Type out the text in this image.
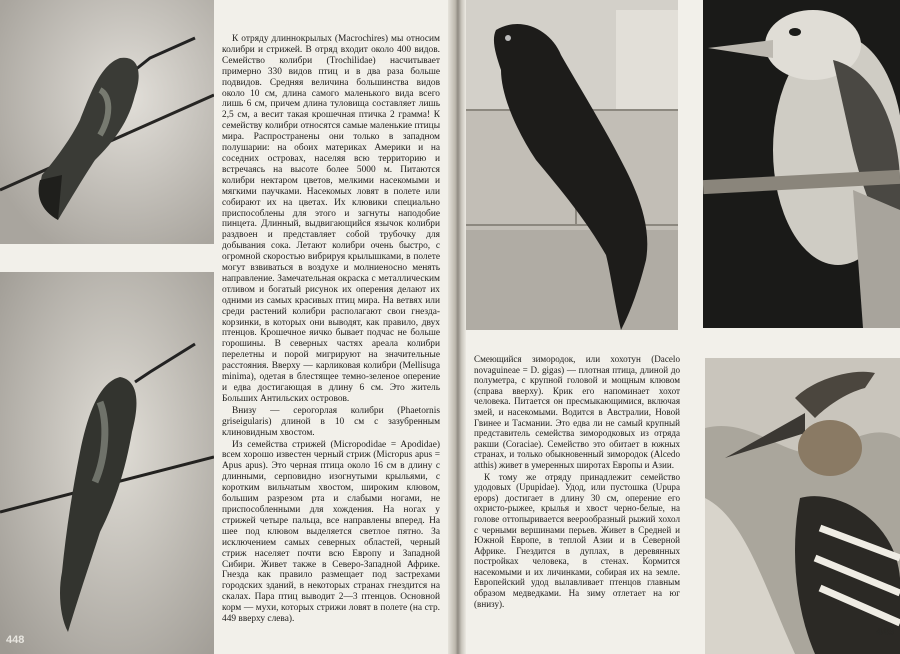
К отряду длиннокрылых (Macrochires) мы относим колибри и стрижей. В отряд входит около 400 видов. Семейство колибри (Trochilidae) насчитывает примерно 330 видов птиц и в два раза больше подвидов. Средняя величина большинства видов около 10 см, длина самого маленького вида всего лишь 6 см, причем длина туловища составляет лишь 2,5 см, а весит такая крошечная птичка 2 грамма! К семейству колибри относятся самые маленькие птицы мира. Распространены они только в западном полушарии: на обоих материках Америки и на соседних островах, населяя всю территорию и встречаясь на высоте более 5000 м. Питаются колибри нектаром цветов, мелкими насекомыми и мягкими паучками. Насекомых ловят в полете или собирают их на цветах. Их клювики специально приспособлены для этого и загнуты наподобие пинцета. Длинный, выдвигающийся язычок колибри раздвоен и представляет собой трубочку для добывания сока. Летают колибри очень быстро, с огромной скоростью вибрируя крылышками, в полете могут взвиваться в воздухе и молниеносно менять направление. Замечательная окраска с металлическим отливом и богатый рисунок их оперения делают их одними из самых красивых птиц мира. На ветвях или среди растений колибри располагают свои гнезда-корзинки, в которых они выводят, как правило, двух птенцов. Крошечное яичко бывает подчас не больше горошины. В северных частях ареала колибри перелетны и порой мигрируют на значительные расстояния. Вверху — карликовая колибри (Mellisuga minima), одетая в блестящее темно-зеленое оперение и едва достигающая в длину 6 см. Это житель Больших Антильских островов.

Внизу — серогорлая колибри (Phaetornis griseigularis) длиной в 10 см с зазубренным клиновидным хвостом.

Из семейства стрижей (Micropodidae = Apodidae) всем хорошо известен черный стриж (Micropus apus = Apus apus). Это черная птица около 16 см в длину с длинными, серповидно изогнутыми крыльями, с коротким вильчатым хвостом, широким клювом, большим разрезом рта и слабыми ногами, не приспособленными для хождения. На ногах у стрижей четыре пальца, все направлены вперед. На шее под клювом выделяется светлое пятно. За исключением самых северных областей, черный стриж населяет почти всю Европу и Западной Сибири. Живет также в Северо-Западной Африке. Гнезда как правило размещает под застрехами городских зданий, в некоторых странах гнездится на скалах. Пара птиц выводит 2—3 птенцов. Основной корм — мухи, которых стрижи ловят в полете (на стр. 449 вверху слева).

448

Смеющийся зимородок, или хохотун (Dacelo novaguineae = D. gigas) — плотная птица, длиной до полуметра, с крупной головой и мощным клювом (справа вверху). Крик его напоминает хохот человека. Питается он пресмыкающимися, включая змей, и насекомыми. Водится в Австралии, Новой Гвинее и Тасмании. Это едва ли не самый крупный представитель семейства зимородковых из отряда ракши (Coraciae). Семейство это обитает в южных странах, и только обыкновенный зимородок (Alcedo atthis) живет в умеренных широтах Европы и Азии.

К тому же отряду принадлежит семейство удодовых (Upupidae). Удод, или пустошка (Upupa epops) достигает в длину 30 см, оперение его охристо-рыжее, крылья и хвост черно-белые, на голове оттопыривается веерообразный рыжий хохол с черными вершинами перьев. Живет в Средней и Южной Европе, в теплой Азии и в Северной Африке. Гнездится в дуплах, в деревянных постройках человека, в стенах. Кормится насекомыми и их личинками, собирая их на земле. Европейский удод вылавливает птенцов главным образом медведками. На зиму отлетает на юг (внизу).

449
